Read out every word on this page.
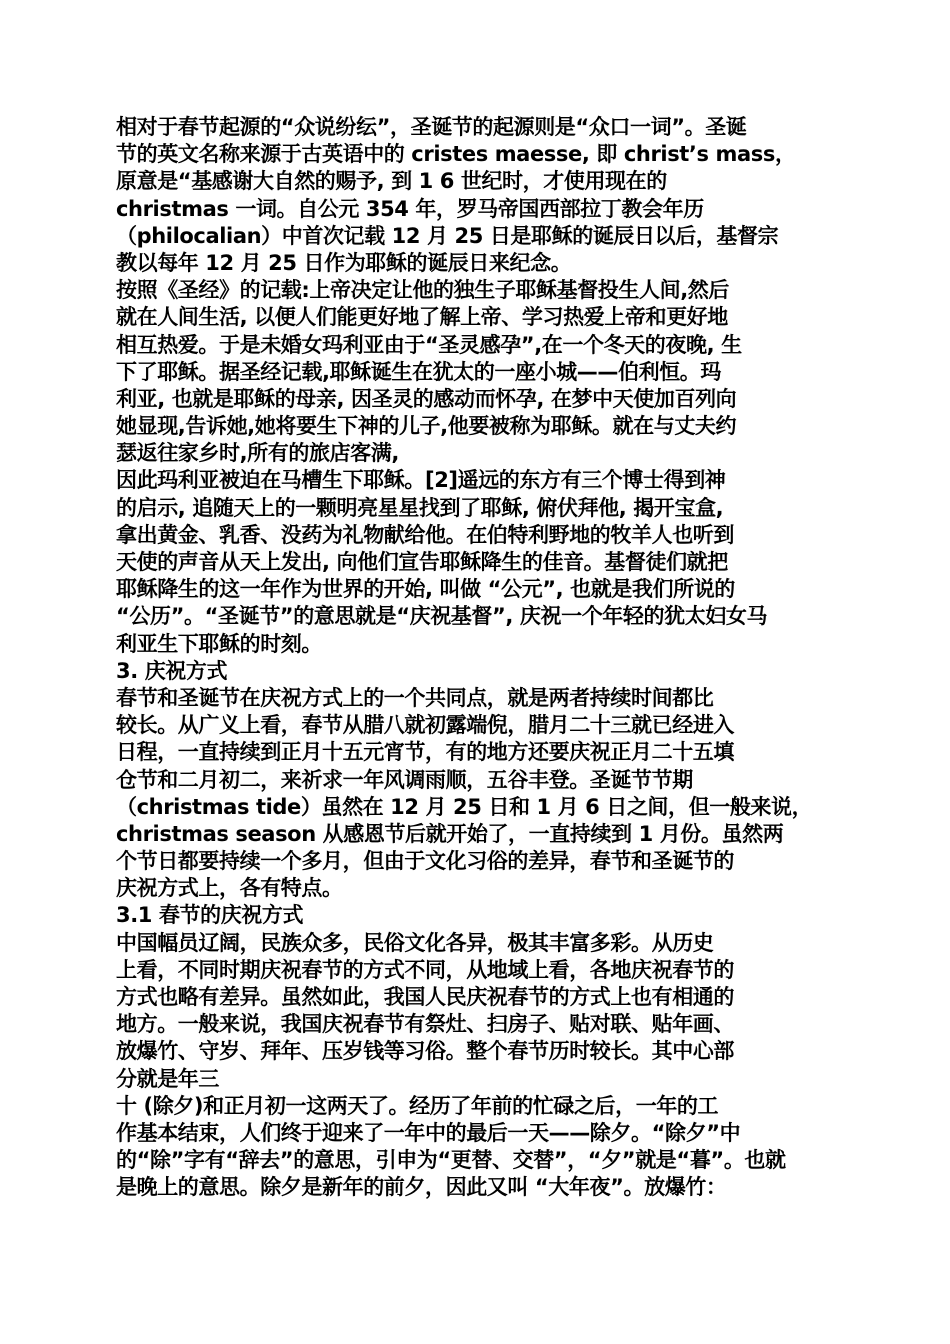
相对于春节起源的“众说纷纭”，圣诞节的起源则是“众口一词”。圣诞
节的英文名称来源于古英语中的 cristes maesse, 即 christ’s mass，
原意是“基感谢大自然的赐予, 到 1 6 世纪时，才使用现在的
christmas 一词。自公元 354 年，罗马帝国西部拉丁教会年历
（philocalian）中首次记载 12 月 25 日是耶稣的诞辰日以后，基督宗
教以每年 12 月 25 日作为耶稣的诞辰日来纪念。
按照《圣经》的记载:上帝决定让他的独生子耶稣基督投生人间,然后
就在人间生活, 以便人们能更好地了解上帝、学习热爱上帝和更好地
相互热爱。于是未婚女玛利亚由于“圣灵感孕”,在一个冬天的夜晚, 生
下了耶稣。据圣经记载,耶稣诞生在犹太的一座小城——伯利恒。玛
利亚, 也就是耶稣的母亲, 因圣灵的感动而怀孕, 在梦中天使加百列向
她显现,告诉她,她将要生下神的儿子,他要被称为耶稣。就在与丈夫约
瑟返往家乡时,所有的旅店客满,
因此玛利亚被迫在马槽生下耶稣。[2]遥远的东方有三个博士得到神
的启示, 追随天上的一颗明亮星星找到了耶稣, 俯伏拜他, 揭开宝盒,
拿出黄金、乳香、没药为礼物献给他。在伯特利野地的牧羊人也听到
天使的声音从天上发出, 向他们宣告耶稣降生的佳音。基督徒们就把
耶稣降生的这一年作为世界的开始, 叫做 “公元”, 也就是我们所说的
“公历”。“圣诞节”的意思就是“庆祝基督”, 庆祝一个年轻的犹太妇女马
利亚生下耶稣的时刻。
3. 庆祝方式
春节和圣诞节在庆祝方式上的一个共同点，就是两者持续时间都比
较长。从广义上看，春节从腊八就初露端倪，腊月二十三就已经进入
日程，一直持续到正月十五元宵节，有的地方还要庆祝正月二十五填
仓节和二月初二，来祈求一年风调雨顺，五谷丰登。圣诞节节期
（christmas tide）虽然在 12 月 25 日和 1 月 6 日之间，但一般来说，
christmas season 从感恩节后就开始了，一直持续到 1 月份。虽然两
个节日都要持续一个多月，但由于文化习俗的差异，春节和圣诞节的
庆祝方式上，各有特点。
3.1 春节的庆祝方式
中国幅员辽阔，民族众多，民俗文化各异，极其丰富多彩。从历史
上看，不同时期庆祝春节的方式不同，从地域上看，各地庆祝春节的
方式也略有差异。虽然如此，我国人民庆祝春节的方式上也有相通的
地方。一般来说，我国庆祝春节有祭灶、扫房子、贴对联、贴年画、
放爆竹、守岁、拜年、压岁钱等习俗。整个春节历时较长。其中心部
分就是年三
十 (除夕)和正月初一这两天了。经历了年前的忙碌之后，一年的工
作基本结束，人们终于迎来了一年中的最后一天——除夕。“除夕”中
的“除”字有“辞去”的意思，引申为“更替、交替”，“夕”就是“暮”。也就
是晚上的意思。除夕是新年的前夕，因此又叫 “大年夜”。放爆竹：
